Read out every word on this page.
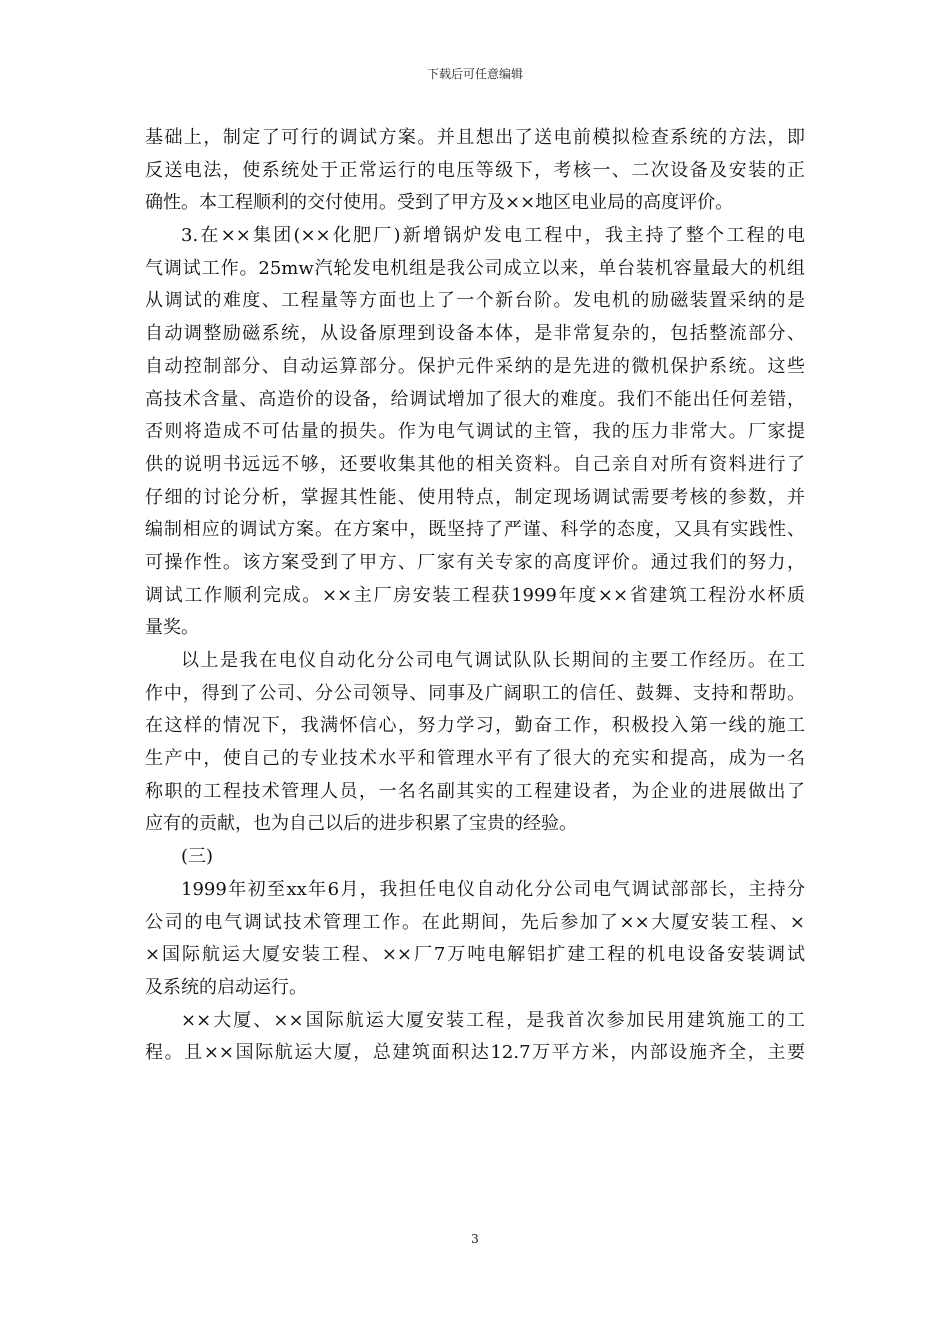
下载后可任意编辑
基础上，制定了可行的调试方案。并且想出了送电前模拟检查系统的方法，即
反送电法，使系统处于正常运行的电压等级下，考核一、二次设备及安装的正
确性。本工程顺利的交付使用。受到了甲方及××地区电业局的高度评价。
3.在××集团(××化肥厂)新增锅炉发电工程中，我主持了整个工程的电
气调试工作。25mw汽轮发电机组是我公司成立以来，单台装机容量最大的机组
从调试的难度、工程量等方面也上了一个新台阶。发电机的励磁装置采纳的是
自动调整励磁系统，从设备原理到设备本体，是非常复杂的，包括整流部分、
自动控制部分、自动运算部分。保护元件采纳的是先进的微机保护系统。这些
高技术含量、高造价的设备，给调试增加了很大的难度。我们不能出任何差错，
否则将造成不可估量的损失。作为电气调试的主管，我的压力非常大。厂家提
供的说明书远远不够，还要收集其他的相关资料。自己亲自对所有资料进行了
仔细的讨论分析，掌握其性能、使用特点，制定现场调试需要考核的参数，并
编制相应的调试方案。在方案中，既坚持了严谨、科学的态度，又具有实践性、
可操作性。该方案受到了甲方、厂家有关专家的高度评价。通过我们的努力，
调试工作顺利完成。××主厂房安装工程获1999年度××省建筑工程汾水杯质
量奖。
以上是我在电仪自动化分公司电气调试队队长期间的主要工作经历。在工
作中，得到了公司、分公司领导、同事及广阔职工的信任、鼓舞、支持和帮助。
在这样的情况下，我满怀信心，努力学习，勤奋工作，积极投入第一线的施工
生产中，使自己的专业技术水平和管理水平有了很大的充实和提高，成为一名
称职的工程技术管理人员，一名名副其实的工程建设者，为企业的进展做出了
应有的贡献，也为自己以后的进步积累了宝贵的经验。
(三)
1999年初至xx年6月，我担任电仪自动化分公司电气调试部部长，主持分
公司的电气调试技术管理工作。在此期间，先后参加了××大厦安装工程、×
×国际航运大厦安装工程、××厂7万吨电解铝扩建工程的机电设备安装调试
及系统的启动运行。
××大厦、××国际航运大厦安装工程，是我首次参加民用建筑施工的工
程。且××国际航运大厦，总建筑面积达12.7万平方米，内部设施齐全，主要
3
